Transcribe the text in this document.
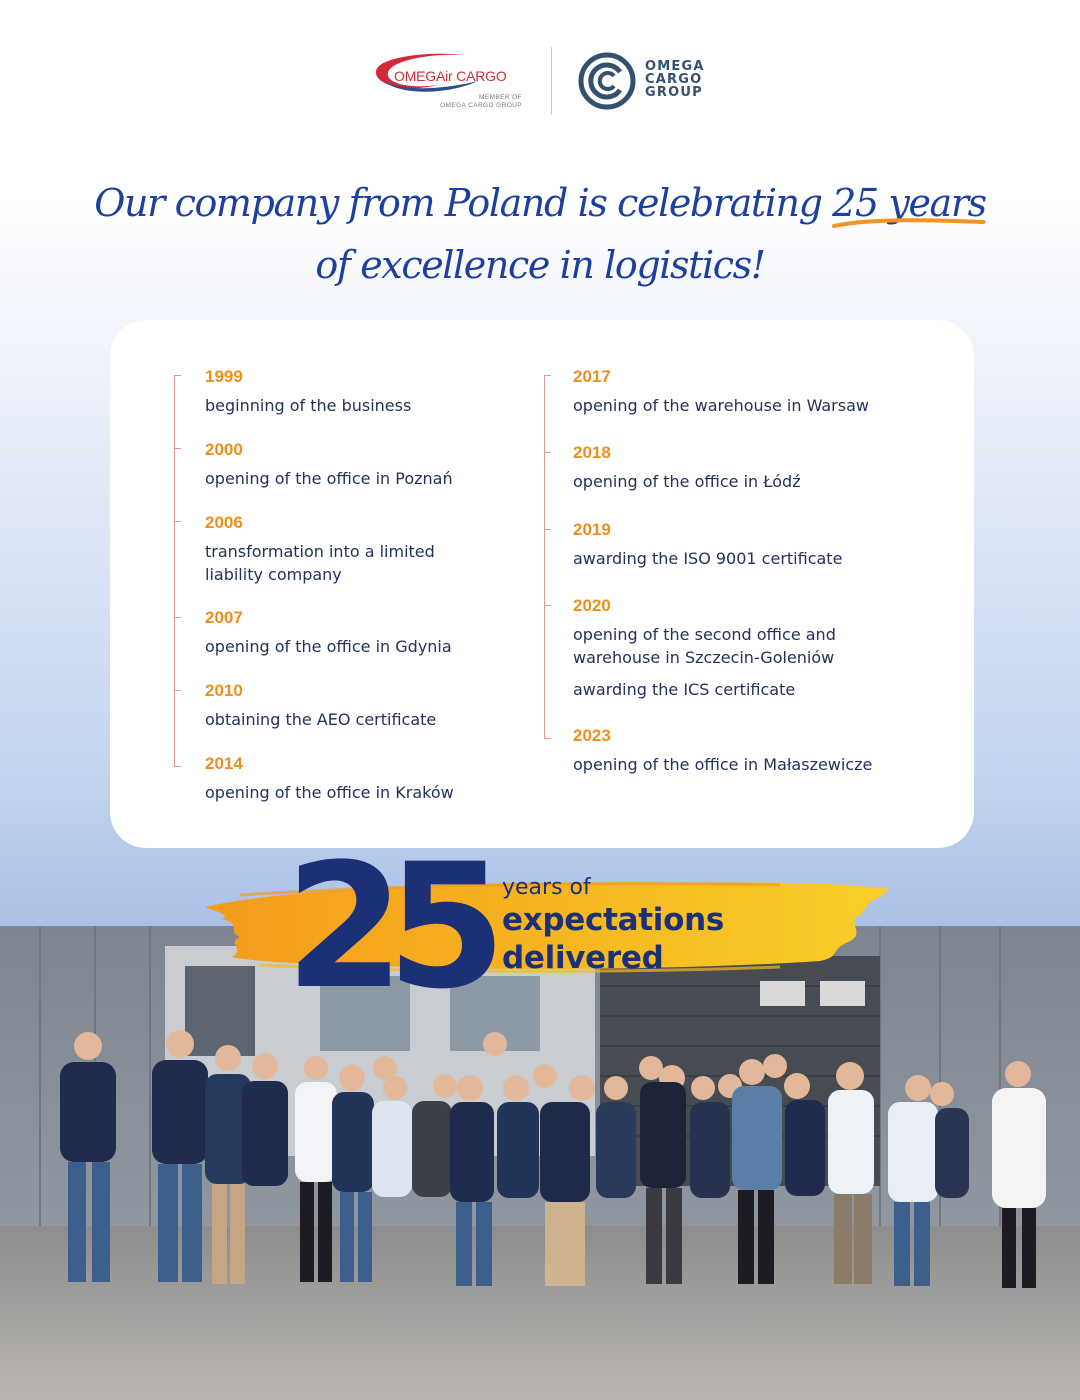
OMEGAir CARGO
MEMBER OF
OMEGA CARGO GROUP
OMEGA
CARGO
GROUP
Our company from Poland is celebrating 25 years
of excellence in logistics!
1999
beginning of the business
2000
opening of the office in Poznań
2006
transformation into a limited liability company
2007
opening of the office in Gdynia
2010
obtaining the AEO certificate
2014
opening of the office in Kraków
2017
opening of the warehouse in Warsaw
2018
opening of the office in Łódź
2019
awarding the ISO 9001 certificate
2020
opening of the second office and warehouse in Szczecin-Goleniów
awarding the ICS certificate
2023
opening of the office in Małaszewicze
25 years of
expectations
delivered
